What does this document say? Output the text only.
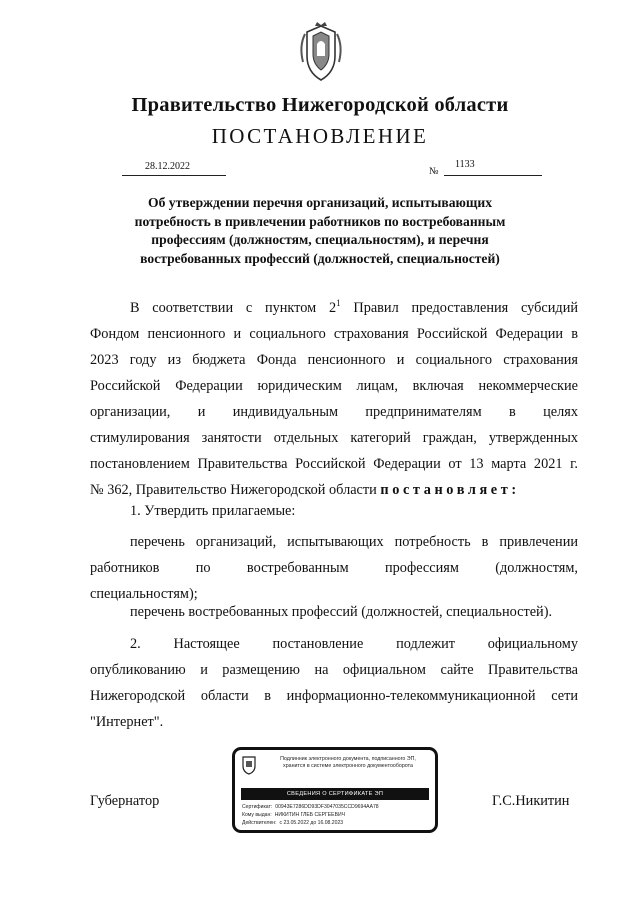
Правительство Нижегородской области
ПОСТАНОВЛЕНИЕ
28.12.2022	№
1133
Об утверждении перечня организаций, испытывающих
потребность в привлечении работников по востребованным
профессиям (должностям, специальностям), и перечня
востребованных профессий (должностей, специальностей)
В соответствии с пунктом $2^1$ Правил предоставления субсидий
Фондом пенсионного и социального страхования Российской Федерации в
2023 году из бюджета Фонда пенсионного и социального страхования
Российской Федерации юридическим лицам, включая некоммерческие
организации, и индивидуальным предпринимателям в целях
стимулирования занятости отдельных категорий граждан, утвержденных
постановлением Правительства Российской Федерации от 13 марта 2021 г.
№ 362, Правительство Нижегородской области постановляет:
1. Утвердить прилагаемые:
перечень организаций, испытывающих потребность в привлечении
работников по востребованным профессиям (должностям,
специальностям);
перечень востребованных профессий (должностей, специальностей).
2. Настоящее постановление подлежит официальному
опубликованию и размещению на официальном сайте Правительства
Нижегородской области в информационно-телекоммуникационной сети
"Интернет".
Губернатор	Г.С.Никитин
Подлинник электронного документа, подписанного ЭП,
хранится в системе электронного документооборота
СВЕДЕНИЯ О СЕРТИФИКАТЕ ЭП
Сертификат: 00943E7286DD93DF3047035CCD9694AA78
Кому выдан: НИКИТИН ГЛЕБ СЕРГЕЕВИЧ
Действителен: с 23.05.2022 до 16.08.2023
